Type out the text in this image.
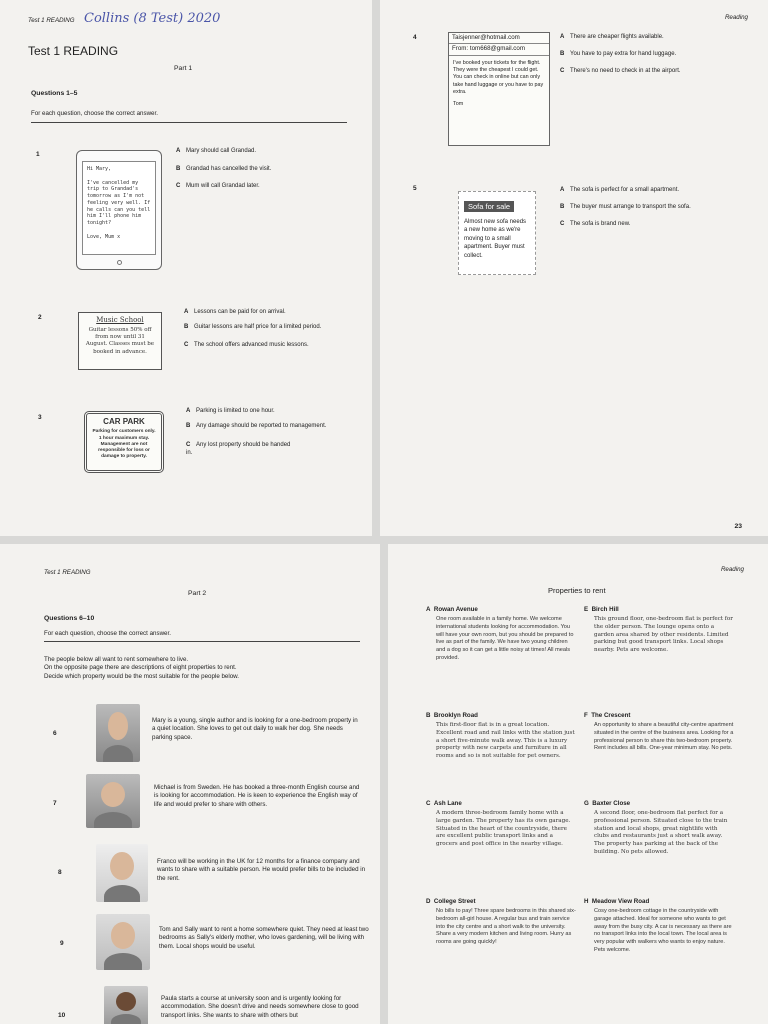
Test 1 READING Collins (8 Test) 2020
Test 1 READING
Part 1
Questions 1–5
For each question, choose the correct answer.
1
Hi Mary,

I've cancelled my trip to Grandad's tomorrow as I'm not feeling very well. If he calls can you tell him I'll phone him tonight?

Love, Mum x
A Mary should call Grandad.
B Grandad has cancelled the visit.
C Mum will call Grandad later.
2	Music School
Guitar lessons 50% off from now until 31 August. Classes must be booked in advance.
A Lessons can be paid for on arrival.
B Guitar lessons are half price for a limited period.
C The school offers advanced music lessons.
3	CAR PARK
Parking for customers only. 1 hour maximum stay. Management are not responsible for loss or damage to property.
A Parking is limited to one hour.
B Any damage should be reported to management.
C Any lost property should be handed in.
Reading
4	Taisjenner@hotmail.com
From: tom668@gmail.com
I've booked your tickets for the flight. They were the cheapest I could get. You can check in online but can only take hand luggage or you have to pay extra.
Tom
A There are cheaper flights available.
B You have to pay extra for hand luggage.
C There's no need to check in at the airport.
5
Sofa for sale
Almost new sofa needs a new home as we're moving to a small apartment. Buyer must collect.
A The sofa is perfect for a small apartment.
B The buyer must arrange to transport the sofa.
C The sofa is brand new.
23
Test 1 READING
Part 2
Questions 6–10
For each question, choose the correct answer.
The people below all want to rent somewhere to live.
On the opposite page there are descriptions of eight properties to rent.
Decide which property would be the most suitable for the people below.
6
Mary is a young, single author and is looking for a one-bedroom property in a quiet location. She loves to get out daily to walk her dog. She needs parking space.
7
Michael is from Sweden. He has booked a three-month English course and is looking for accommodation. He is keen to experience the English way of life and would prefer to share with others.
8
Franco will be working in the UK for 12 months for a finance company and wants to share with a suitable person. He would prefer bills to be included in the rent.
9
Tom and Sally want to rent a home somewhere quiet. They need at least two bedrooms as Sally's elderly mother, who loves gardening, will be living with them. Local shops would be useful.
10
Paula starts a course at university soon and is urgently looking for accommodation. She doesn't drive and needs somewhere close to good transport links. She wants to share with others but
Reading
Properties to rent
A Rowan Avenue
One room available in a family home. We welcome international students looking for accommodation. You will have your own room, but you should be prepared to live as part of the family. We have two young children and a dog so it can get a little noisy at times! All meals provided.
B Brooklyn Road
This first-floor flat is in a great location. Excellent road and rail links with the station just a short five-minute walk away. This is a luxury property with new carpets and furniture in all rooms and so is not suitable for pet owners.
C Ash Lane
A modern three-bedroom family home with a large garden. The property has its own garage. Situated in the heart of the countryside, there are excellent public transport links and a grocers and post office in the nearby village.
D College Street
No bills to pay! Three spare bedrooms in this shared six-bedroom all-girl house. A regular bus and train service into the city centre and a short walk to the university. Share a very modern kitchen and living room. Hurry as rooms are going quickly!
E Birch Hill
This ground floor, one-bedroom flat is perfect for the older person. The lounge opens onto a garden area shared by other residents. Limited parking but good transport links. Local shops nearby. Pets are welcome.
F The Crescent
An opportunity to share a beautiful city-centre apartment situated in the centre of the business area. Looking for a professional person to share this two-bedroom property. Rent includes all bills. One-year minimum stay. No pets.
G Baxter Close
A second floor, one-bedroom flat perfect for a professional person. Situated close to the train station and local shops, great nightlife with clubs and restaurants just a short walk away. The property has parking at the back of the building. No pets allowed.
H Meadow View Road
Cosy one-bedroom cottage in the countryside with garage attached. Ideal for someone who wants to get away from the busy city. A car is necessary as there are no transport links into the local town. The local area is very popular with walkers who wants to enjoy nature. Pets welcome.
